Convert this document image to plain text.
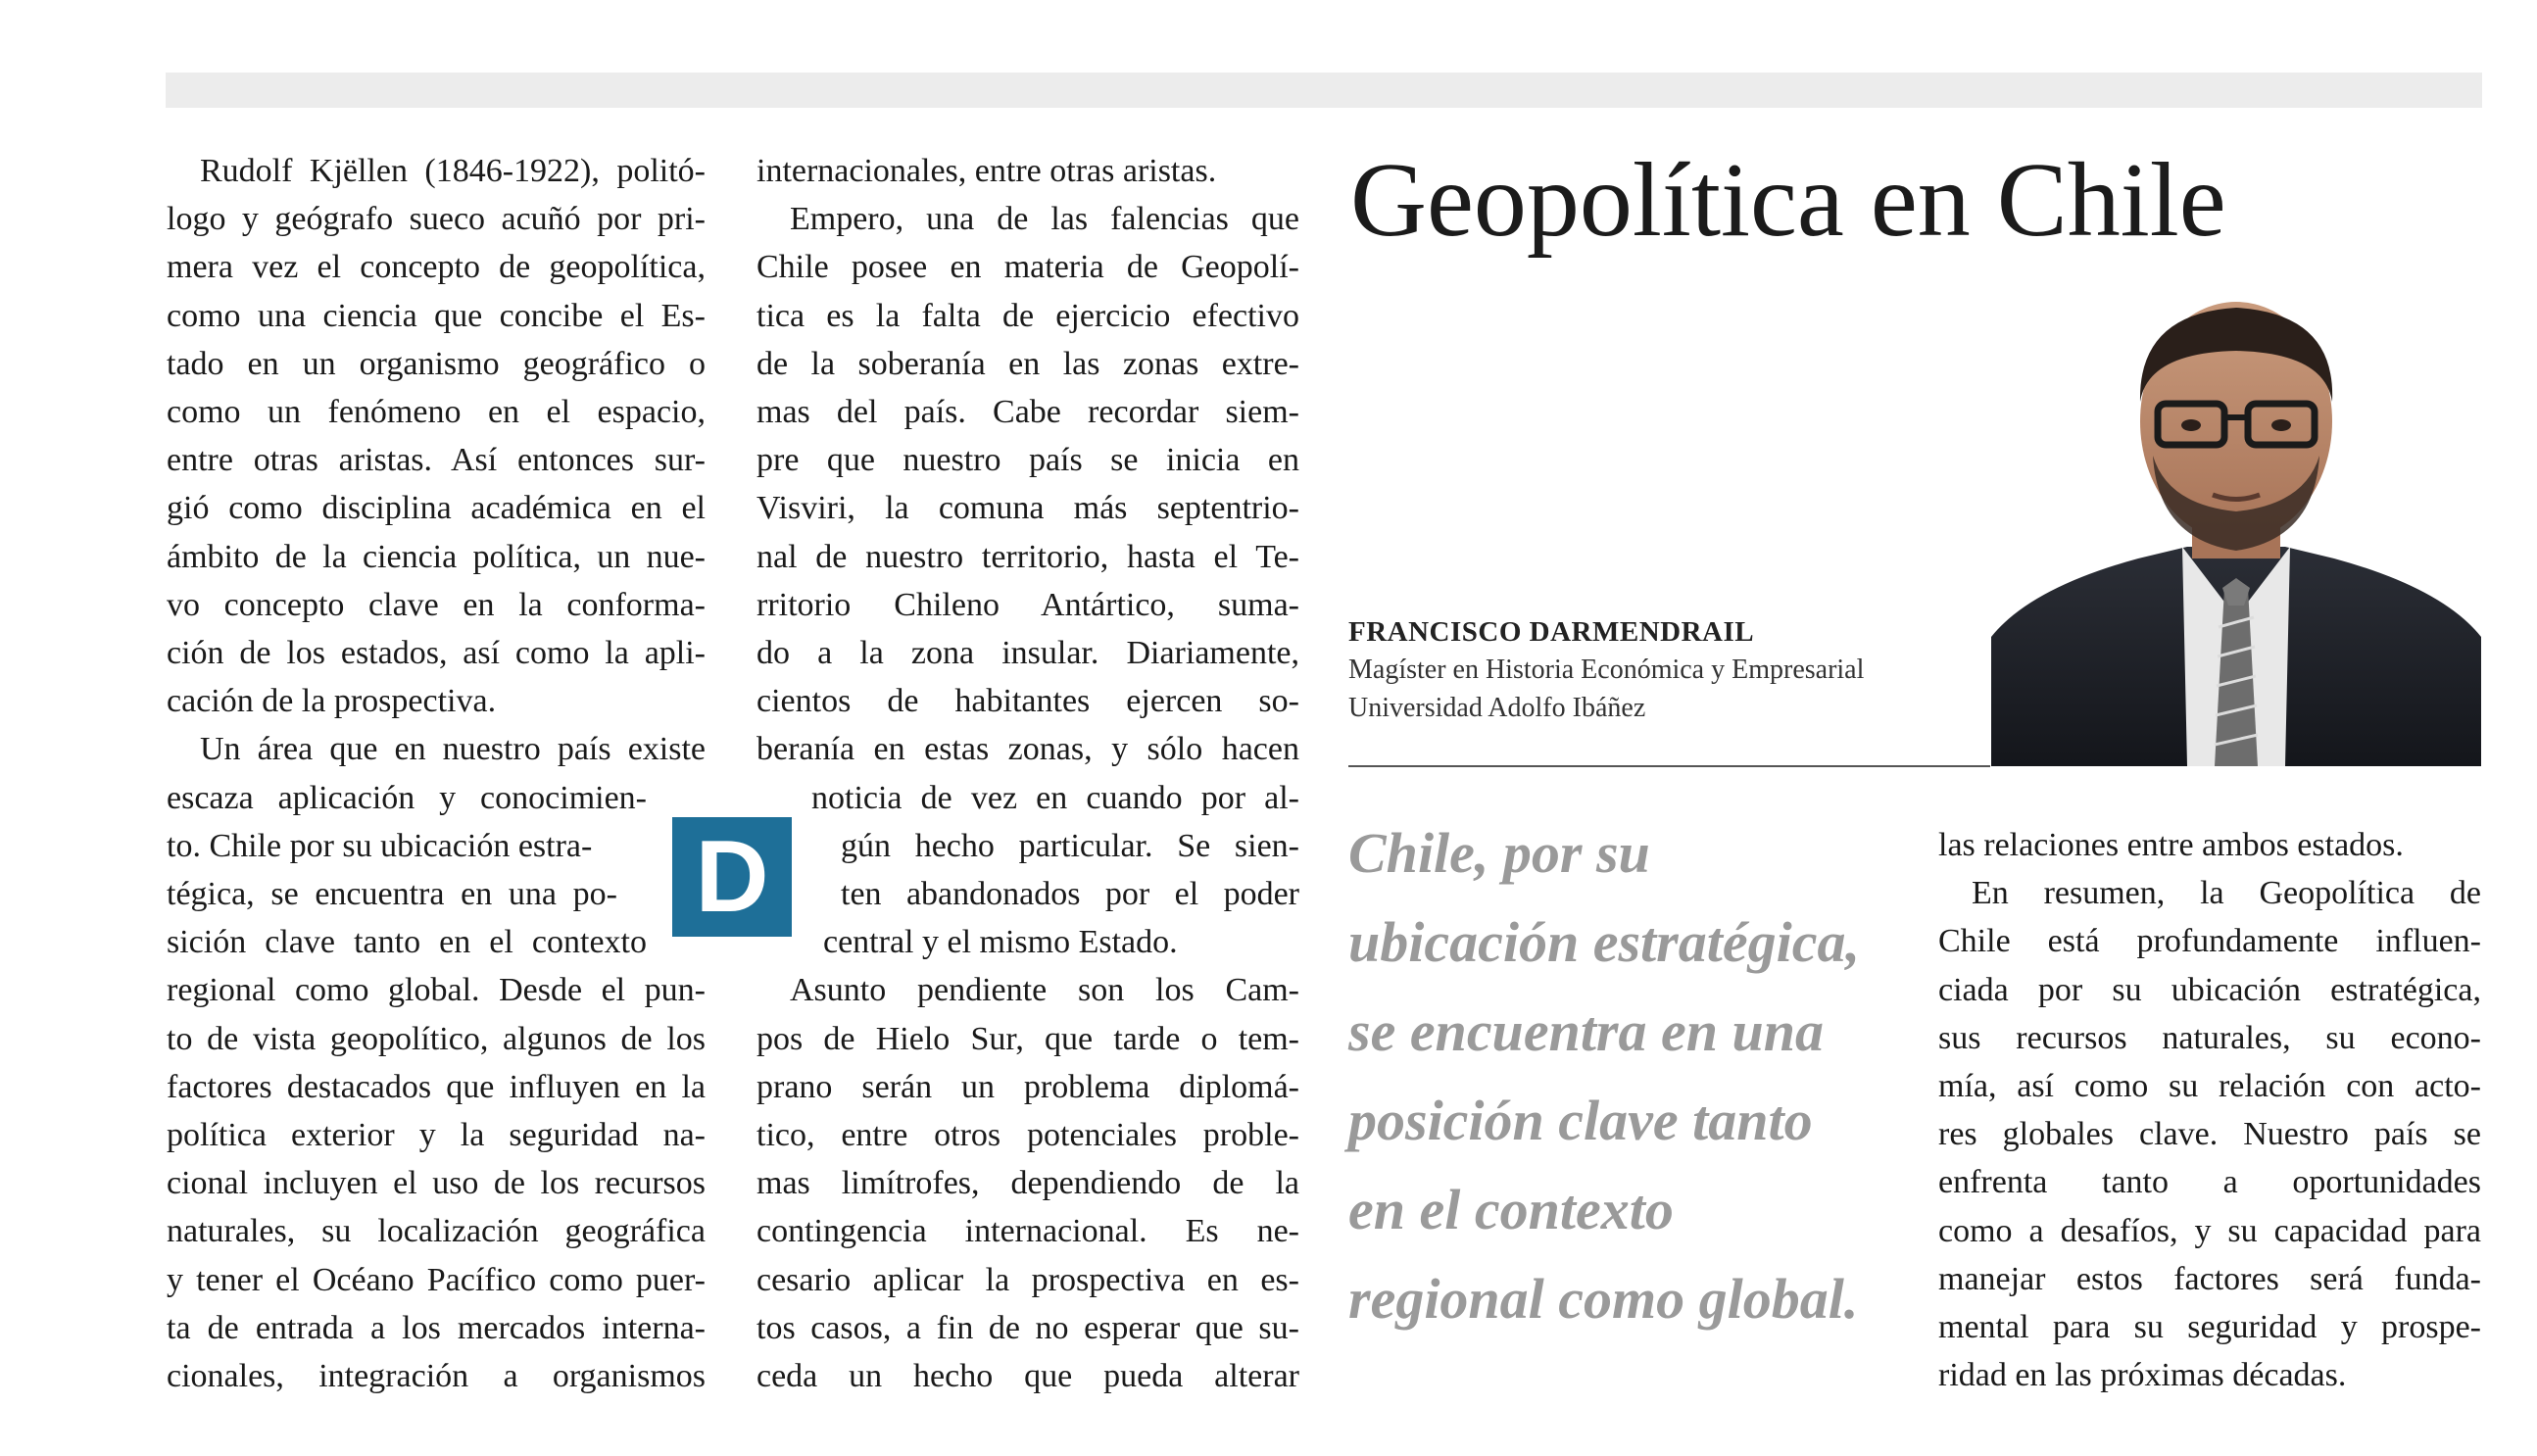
Rudolf Kjëllen (1846-1922), politó-
logo y geógrafo sueco acuñó por pri-
mera vez el concepto de geopolítica,
como una ciencia que concibe el Es-
tado en un organismo geográfico o
como un fenómeno en el espacio,
entre otras aristas. Así entonces sur-
gió como disciplina académica en el
ámbito de la ciencia política, un nue-
vo concepto clave en la conforma-
ción de los estados, así como la apli-
cación de la prospectiva.
Un área que en nuestro país existe
escaza aplicación y conocimien-
to. Chile por su ubicación estra-
tégica, se encuentra en una po-
sición clave tanto en el contexto
regional como global. Desde el pun-
to de vista geopolítico, algunos de los
factores destacados que influyen en la
política exterior y la seguridad na-
cional incluyen el uso de los recursos
naturales, su localización geográfica
y tener el Océano Pacífico como puer-
ta de entrada a los mercados interna-
cionales, integración a organismos
internacionales, entre otras aristas.
Empero, una de las falencias que
Chile posee en materia de Geopolí-
tica es la falta de ejercicio efectivo
de la soberanía en las zonas extre-
mas del país. Cabe recordar siem-
pre que nuestro país se inicia en
Visviri, la comuna más septentrio-
nal de nuestro territorio, hasta el Te-
rritorio Chileno Antártico, suma-
do a la zona insular. Diariamente,
cientos de habitantes ejercen so-
beranía en estas zonas, y sólo hacen
noticia de vez en cuando por al-
gún hecho particular. Se sien-
ten abandonados por el poder
central y el mismo Estado.
Asunto pendiente son los Cam-
pos de Hielo Sur, que tarde o tem-
prano serán un problema diplomá-
tico, entre otros potenciales proble-
mas limítrofes, dependiendo de la
contingencia internacional. Es ne-
cesario aplicar la prospectiva en es-
tos casos, a fin de no esperar que su-
ceda un hecho que pueda alterar
D
Geopolítica en Chile
FRANCISCO DARMENDRAIL
Magíster en Historia Económica y Empresarial
Universidad Adolfo Ibáñez
Chile, por su
ubicación estratégica,
se encuentra en una
posición clave tanto
en el contexto
regional como global.
las relaciones entre ambos estados.
En resumen, la Geopolítica de
Chile está profundamente influen-
ciada por su ubicación estratégica,
sus recursos naturales, su econo-
mía, así como su relación con acto-
res globales clave. Nuestro país se
enfrenta tanto a oportunidades
como a desafíos, y su capacidad para
manejar estos factores será funda-
mental para su seguridad y prospe-
ridad en las próximas décadas.
